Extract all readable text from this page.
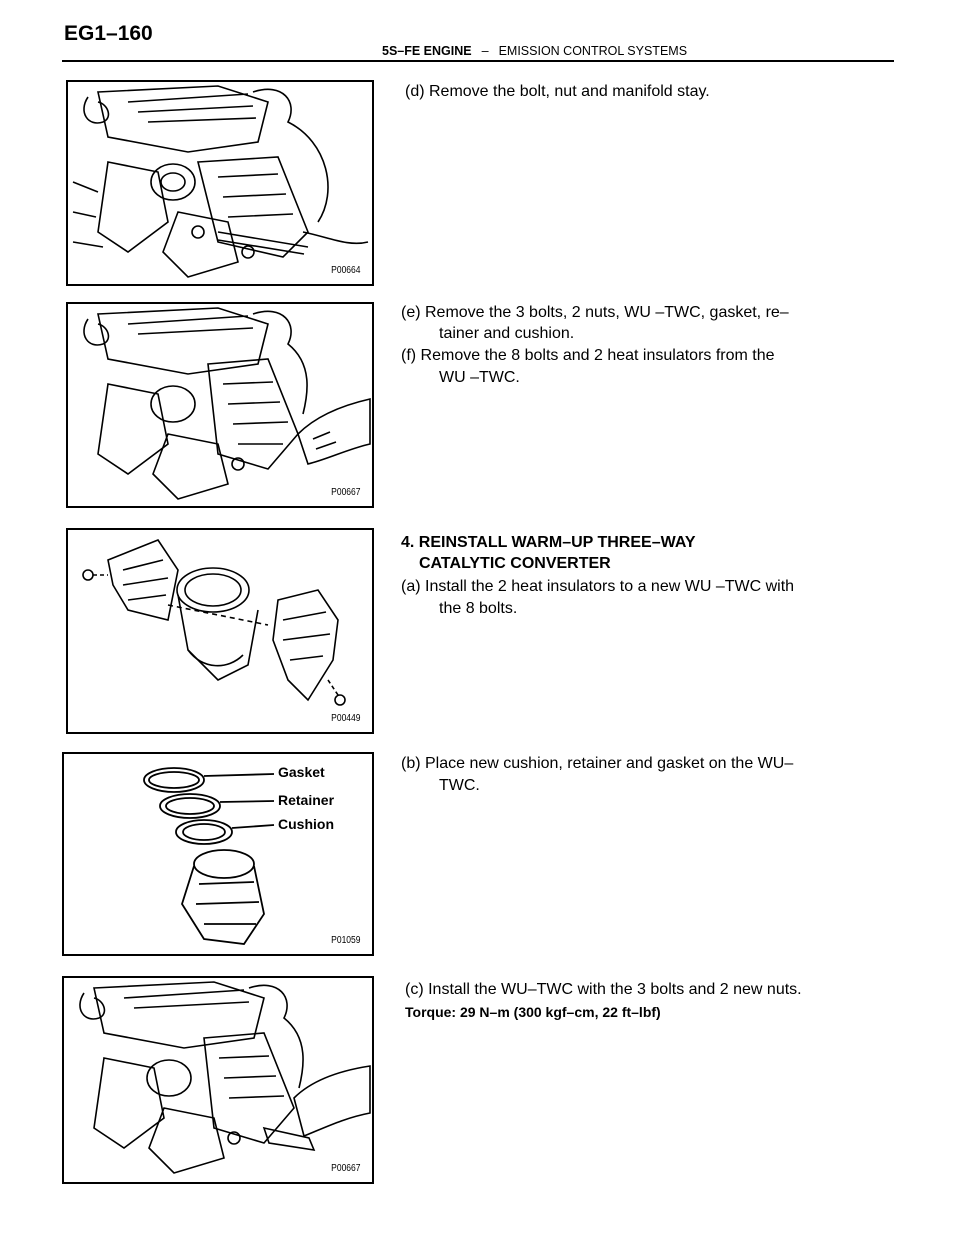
EG1–160
5S–FE ENGINE – EMISSION CONTROL SYSTEMS
P00664
P00667
P00449
Gasket
Retainer
Cushion
P01059
P00667
(d) Remove the bolt, nut and manifold stay.
(e) Remove the 3 bolts, 2 nuts, WU –TWC, gasket, re–
tainer and cushion.
(f) Remove the 8 bolts and 2 heat insulators from the
WU –TWC.
4. REINSTALL WARM–UP THREE–WAY
CATALYTIC CONVERTER
(a) Install the 2 heat insulators to a new WU –TWC with
the 8 bolts.
(b) Place new cushion, retainer and gasket on the WU–
TWC.
(c) Install the WU–TWC with the 3 bolts and 2 new nuts.
Torque: 29 N–m (300 kgf–cm, 22 ft–lbf)
